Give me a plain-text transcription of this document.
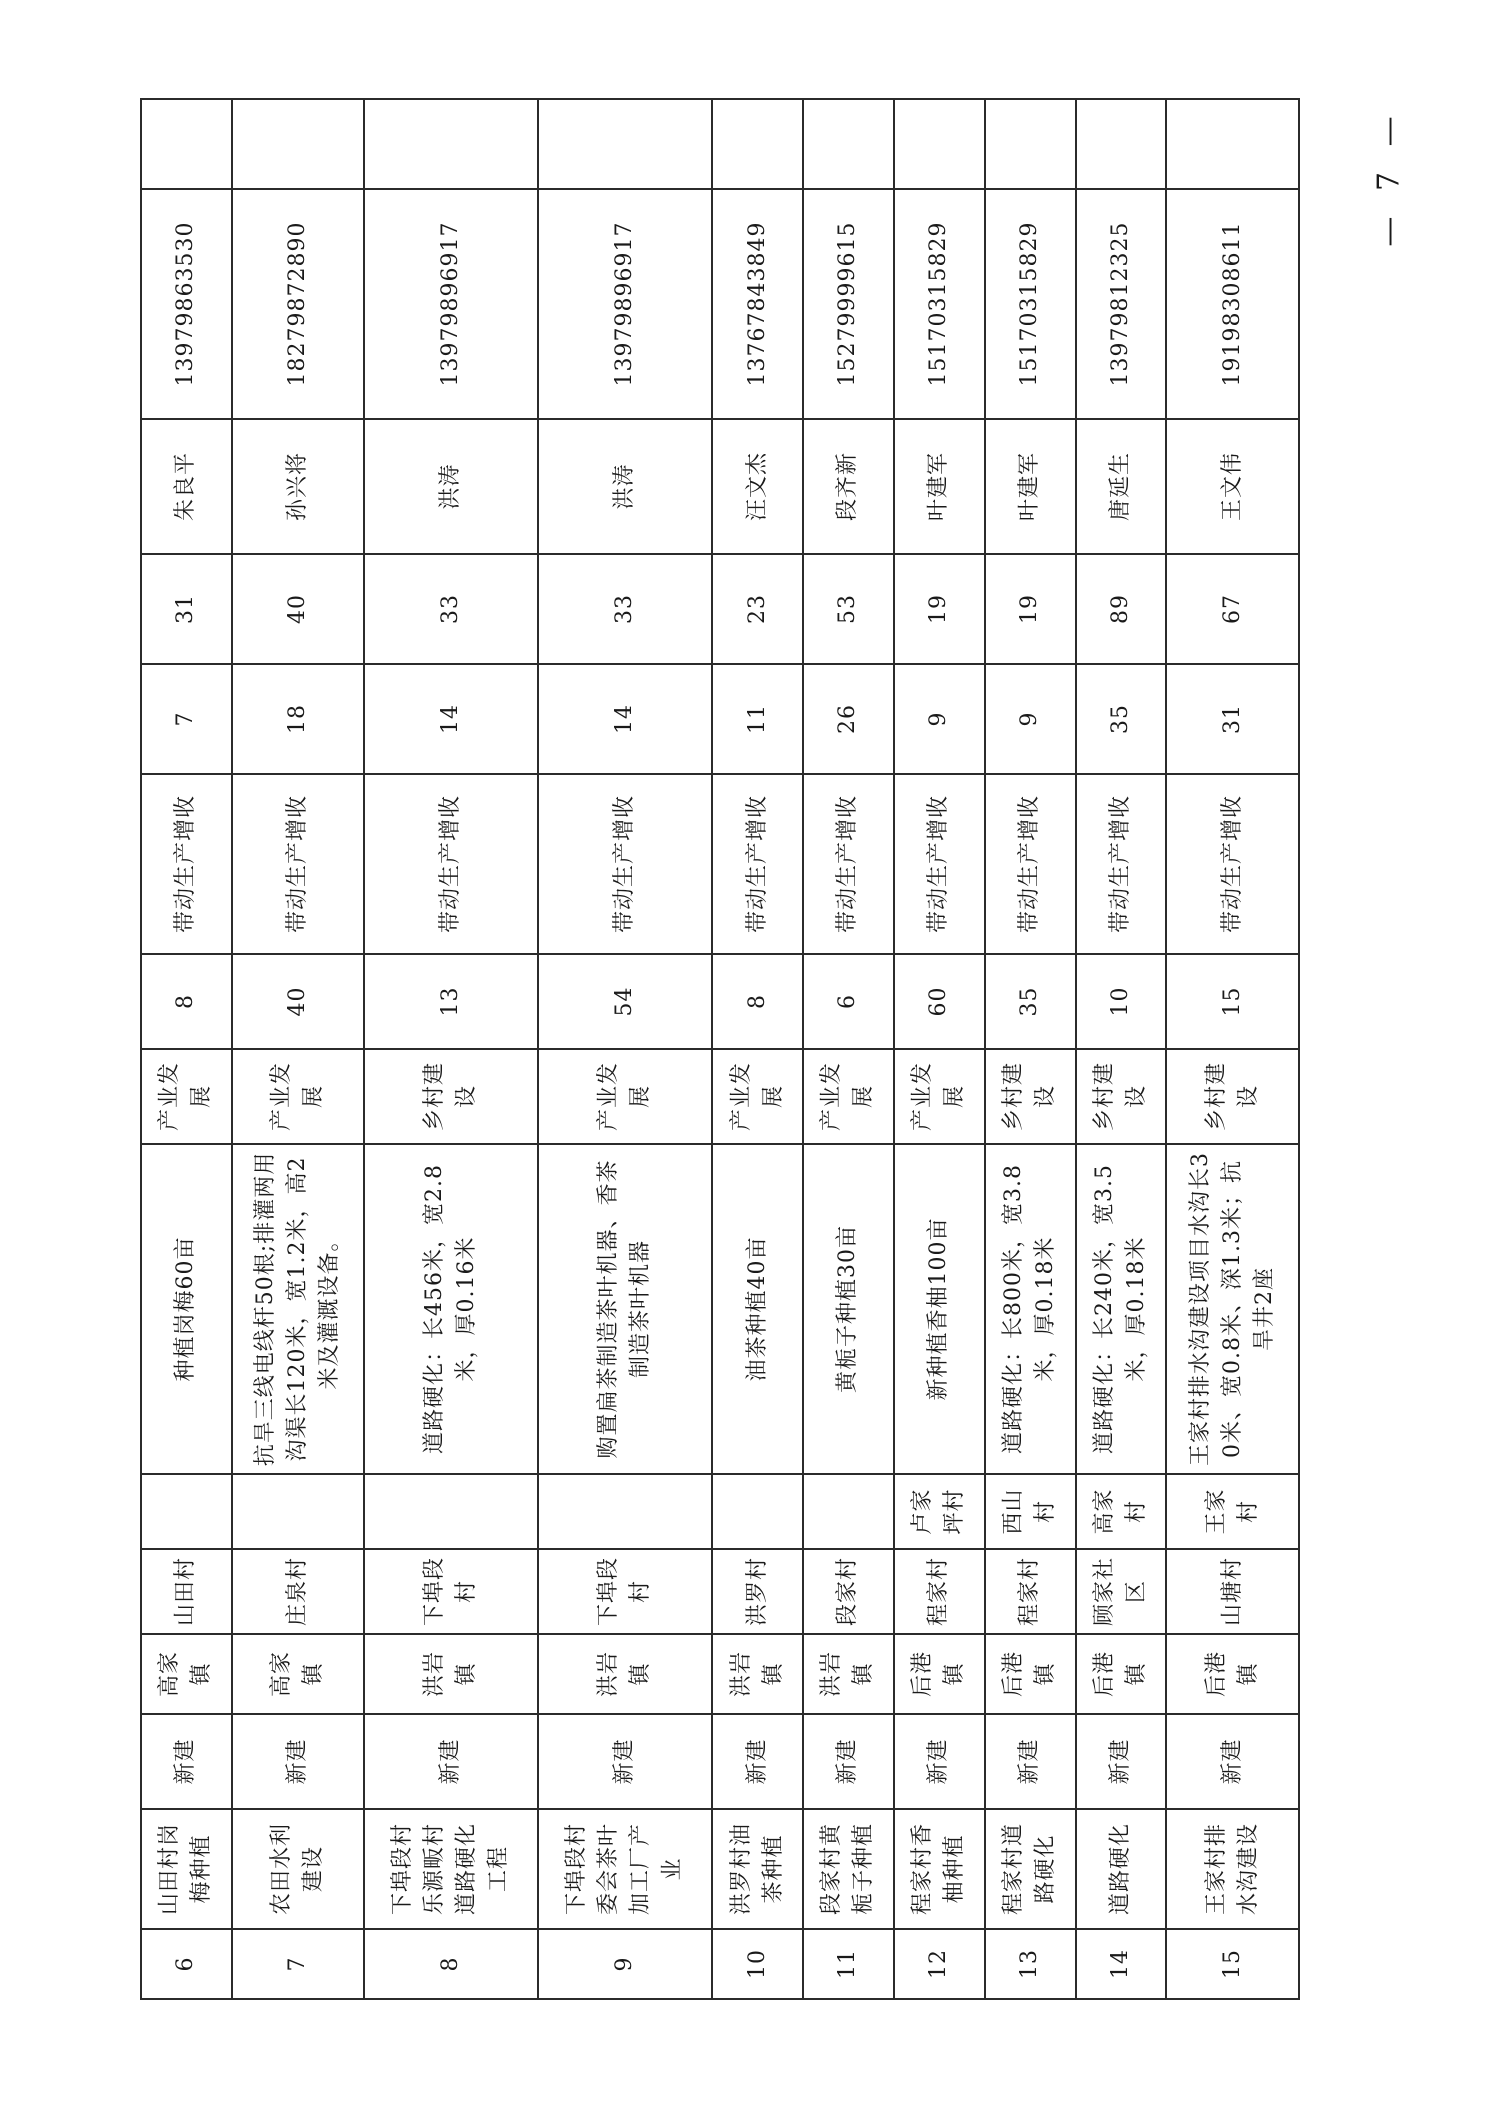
6	山田村岗梅种植	新建	高家镇	山田村		种植岗梅60亩	产业发展	8	带动生产增收	7	31	朱良平	13979863530	
7	农田水利建设	新建	高家镇	庄泉村		抗旱三线电线杆50根;排灌两用沟渠长120米，宽1.2米，高2米及灌溉设备。	产业发展	40	带动生产增收	18	40	孙兴将	18279872890	
8	下埠段村乐源畈村道路硬化工程	新建	洪岩镇	下埠段村		道路硬化：长456米，宽2.8米，厚0.16米	乡村建设	13	带动生产增收	14	33	洪涛	13979896917	
9	下埠段村委会茶叶加工厂产业	新建	洪岩镇	下埠段村		购置扁茶制造茶叶机器、香茶制造茶叶机器	产业发展	54	带动生产增收	14	33	洪涛	13979896917	
10	洪罗村油茶种植	新建	洪岩镇	洪罗村		油茶种植40亩	产业发展	8	带动生产增收	11	23	汪文杰	13767843849	
11	段家村黄栀子种植	新建	洪岩镇	段家村		黄栀子种植30亩	产业发展	6	带动生产增收	26	53	段齐新	15279999615	
12	程家村香柚种植	新建	后港镇	程家村	卢家坪村	新种植香柚100亩	产业发展	60	带动生产增收	9	19	叶建军	15170315829	
13	程家村道路硬化	新建	后港镇	程家村	西山村	道路硬化：长800米，宽3.8米，厚0.18米	乡村建设	35	带动生产增收	9	19	叶建军	15170315829	
14	道路硬化	新建	后港镇	顾家社区	高家村	道路硬化：长240米，宽3.5米，厚0.18米	乡村建设	10	带动生产增收	35	89	唐延生	13979812325	
15	王家村排水沟建设	新建	后港镇	山塘村	王家村	王家村排水沟建设项目水沟长30米、宽0.8米、深1.3米；抗旱井2座	乡村建设	15	带动生产增收	31	67	王文伟	19198308611	
— 7 —
